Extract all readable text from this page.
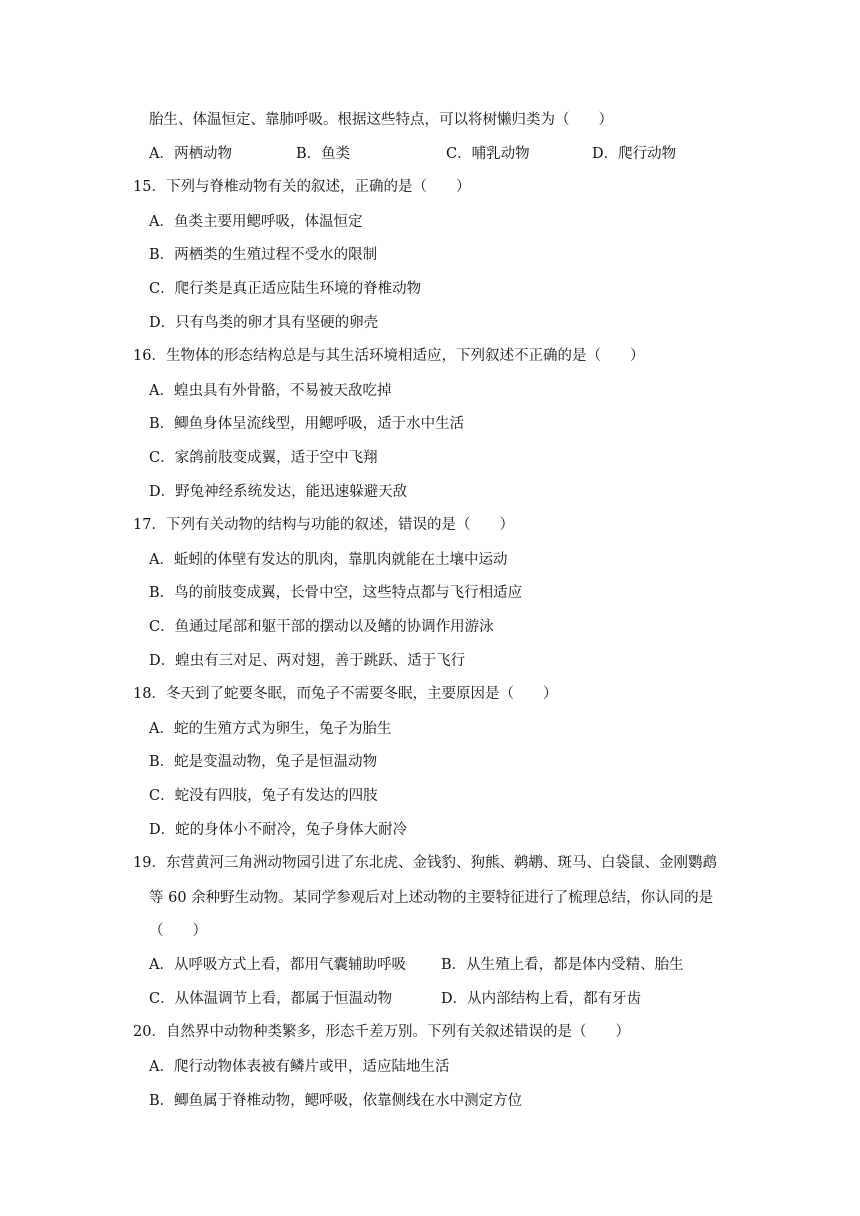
胎生、体温恒定、靠肺呼吸。根据这些特点，可以将树懒归类为（　　）
A．两栖动物	B．鱼类	C．哺乳动物	D．爬行动物
15．下列与脊椎动物有关的叙述，正确的是（　　）
A．鱼类主要用鳃呼吸，体温恒定
B．两栖类的生殖过程不受水的限制
C．爬行类是真正适应陆生环境的脊椎动物
D．只有鸟类的卵才具有坚硬的卵壳
16．生物体的形态结构总是与其生活环境相适应，下列叙述不正确的是（　　）
A．蝗虫具有外骨骼，不易被天敌吃掉
B．鲫鱼身体呈流线型，用鳃呼吸，适于水中生活
C．家鸽前肢变成翼，适于空中飞翔
D．野兔神经系统发达，能迅速躲避天敌
17．下列有关动物的结构与功能的叙述，错误的是（　　）
A．蚯蚓的体壁有发达的肌肉，靠肌肉就能在土壤中运动
B．鸟的前肢变成翼，长骨中空，这些特点都与飞行相适应
C．鱼通过尾部和躯干部的摆动以及鳍的协调作用游泳
D．蝗虫有三对足、两对翅，善于跳跃、适于飞行
18．冬天到了蛇要冬眠，而兔子不需要冬眠，主要原因是（　　）
A．蛇的生殖方式为卵生，兔子为胎生
B．蛇是变温动物，兔子是恒温动物
C．蛇没有四肢，兔子有发达的四肢
D．蛇的身体小不耐冷，兔子身体大耐冷
19．东营黄河三角洲动物园引进了东北虎、金钱豹、狗熊、鹈鹕、斑马、白袋鼠、金刚鹦鹉
等 60 余种野生动物。某同学参观后对上述动物的主要特征进行了梳理总结，你认同的是
（　　）
A．从呼吸方式上看，都用气囊辅助呼吸 B．从生殖上看，都是体内受精、胎生
C．从体温调节上看，都属于恒温动物	D．从内部结构上看，都有牙齿
20．自然界中动物种类繁多，形态千差万别。下列有关叙述错误的是（　　）
A．爬行动物体表被有鳞片或甲，适应陆地生活
B．鲫鱼属于脊椎动物，鳃呼吸，依靠侧线在水中测定方位
